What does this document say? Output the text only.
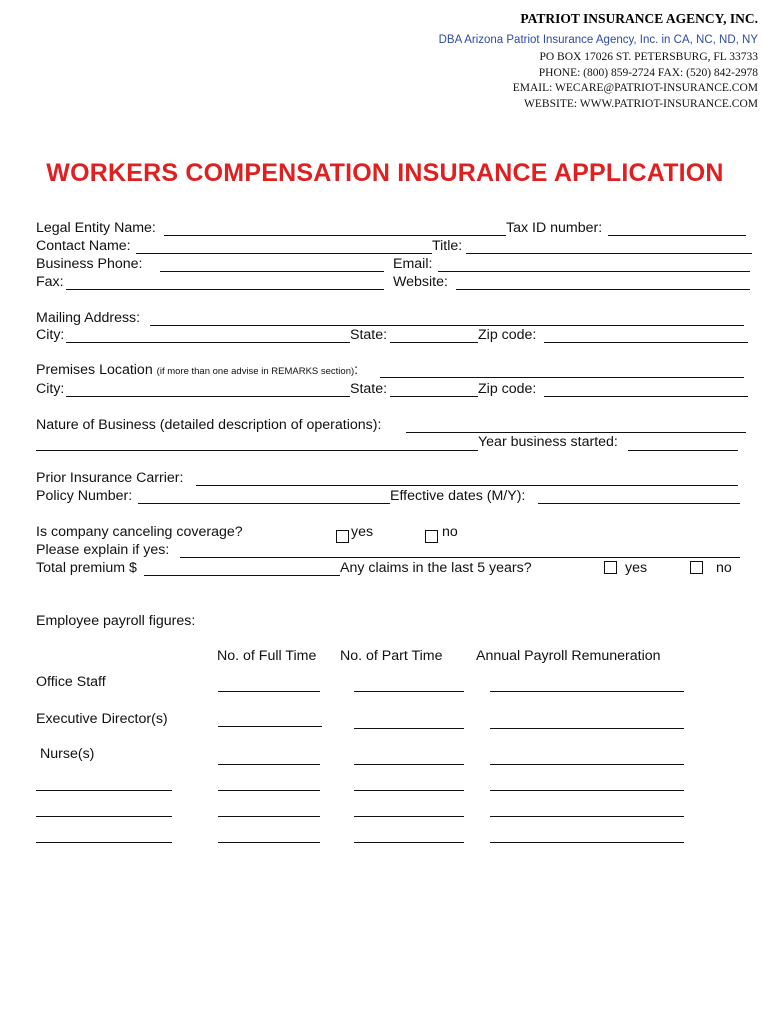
PATRIOT INSURANCE AGENCY, INC.
DBA Arizona Patriot Insurance Agency, Inc. in CA, NC, ND, NY
PO BOX 17026 ST. PETERSBURG, FL 33733
PHONE: (800) 859-2724 FAX: (520) 842-2978
EMAIL: WECARE@PATRIOT-INSURANCE.COM
WEBSITE: WWW.PATRIOT-INSURANCE.COM
WORKERS COMPENSATION INSURANCE APPLICATION
Legal Entity Name:	Tax ID number:
Contact Name:	Title:
Business Phone:	Email:
Fax:	Website:
Mailing Address:
City:	State:	Zip code:
Premises Location (if more than one advise in REMARKS section):
City:	State:	Zip code:
Nature of Business (detailed description of operations):
Year business started:
Prior Insurance Carrier:
Policy Number:	Effective dates (M/Y):
Is company canceling coverage?	yes	no
Please explain if yes:
Total premium $	Any claims in the last 5 years?	yes	no
Employee payroll figures:
No. of Full Time No. of Part Time Annual Payroll Remuneration
Office Staff
Executive Director(s)
Nurse(s)
